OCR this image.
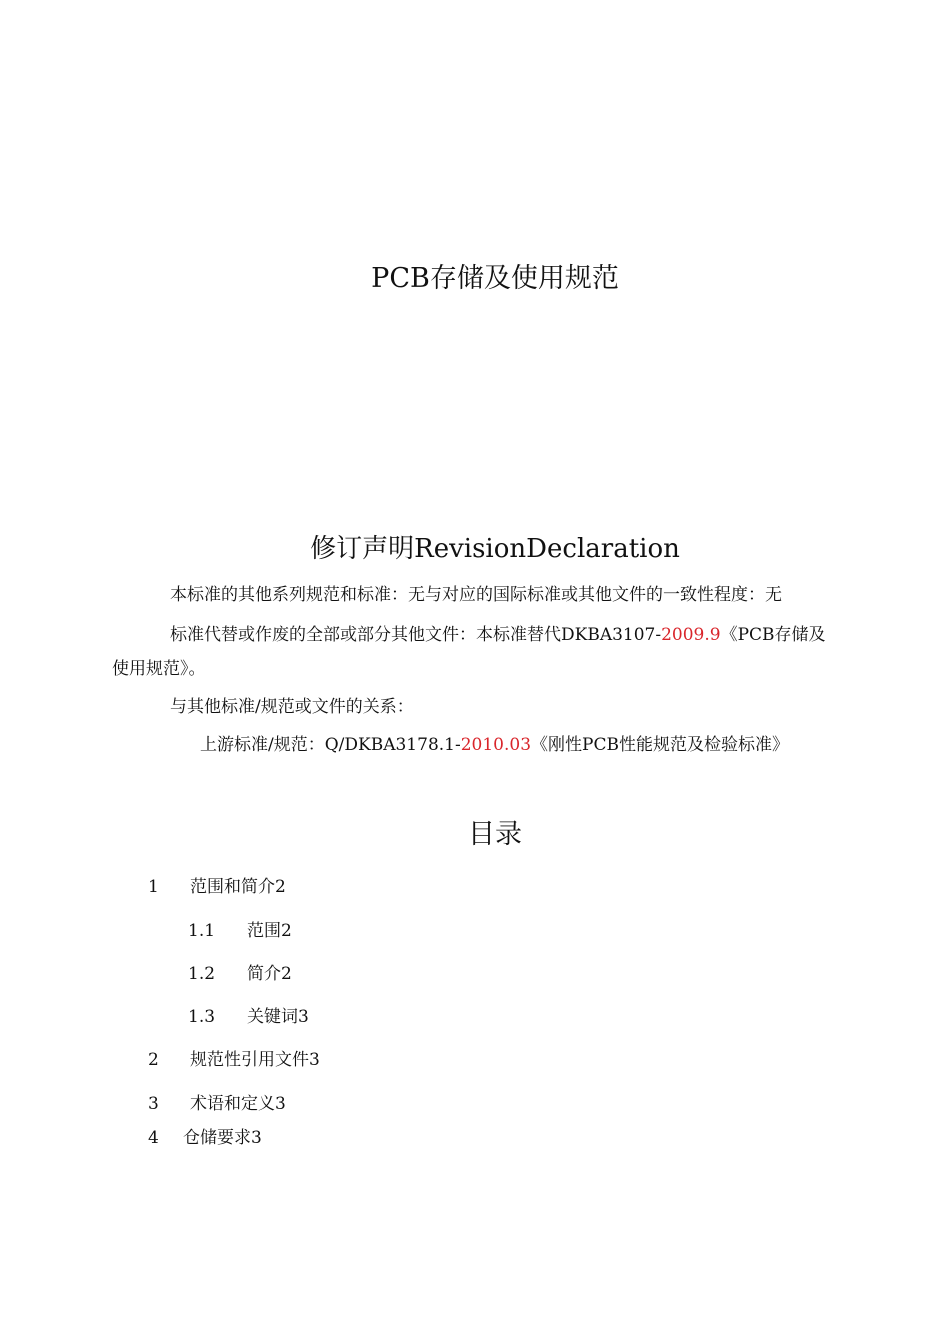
PCB存储及使用规范
修订声明RevisionDeclaration
本标准的其他系列规范和标准：无与对应的国际标准或其他文件的一致性程度：无
标准代替或作废的全部或部分其他文件：本标准替代DKBA3107-2009.9《PCB存储及
使用规范》。
与其他标准/规范或文件的关系：
上游标准/规范：Q/DKBA3178.1-2010.03《刚性PCB性能规范及检验标准》
目录
1 范围和简介2
1.1 范围2
1.2 简介2
1.3 关键词3
2 规范性引用文件3
3 术语和定义3
4 仓储要求3
